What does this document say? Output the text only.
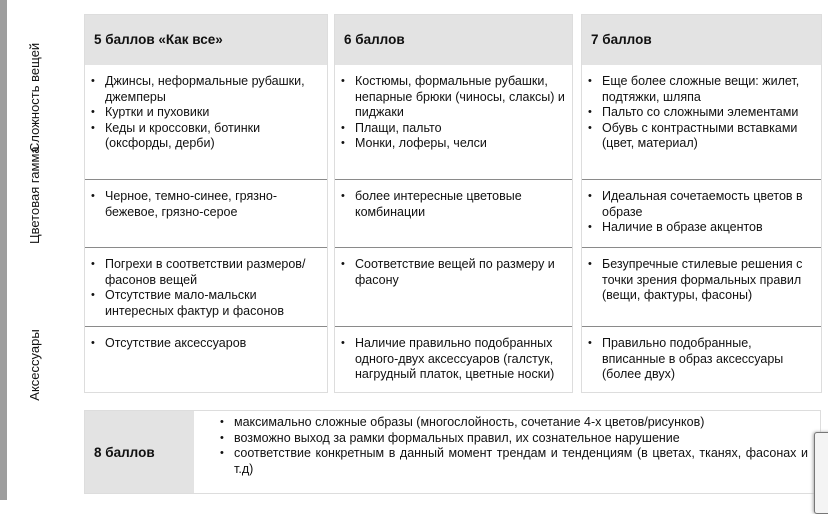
Сложность вещей
Цветовая гамма
Аксессуары
5 баллов «Как все»
• Джинсы, неформальные рубашки, джемперы
• Куртки и пуховики
• Кеды и кроссовки, ботинки (оксфорды, дерби)
• Черное, темно-синее, грязно-бежевое, грязно-серое
• Погрехи в соответствии размеров/фасонов вещей
• Отсутствие мало-мальски интересных фактур и фасонов
• Отсутствие аксессуаров
6 баллов
• Костюмы, формальные рубашки, непарные брюки (чиносы, слаксы) и пиджаки
• Плащи, пальто
• Монки, лоферы, челси
• более интересные цветовые комбинации
• Соответствие вещей по размеру и фасону
• Наличие правильно подобранных одного-двух аксессуаров (галстук, нагрудный платок, цветные носки)
7 баллов
• Еще более сложные вещи: жилет, подтяжки, шляпа
• Пальто со сложными элементами
• Обувь с контрастными вставками (цвет, материал)
• Идеальная сочетаемость цветов в образе
• Наличие в образе акцентов
• Безупречные стилевые решения с точки зрения формальных правил (вещи, фактуры, фасоны)
• Правильно подобранные, вписанные в образ аксессуары (более двух)
8 баллов
• максимально сложные образы (многослойность, сочетание 4-х цветов/рисунков)
• возможно выход за рамки формальных правил, их сознательное нарушение
• соответствие конкретным в данный момент трендам и тенденциям (в цветах, тканях, фасонах и т.д)
